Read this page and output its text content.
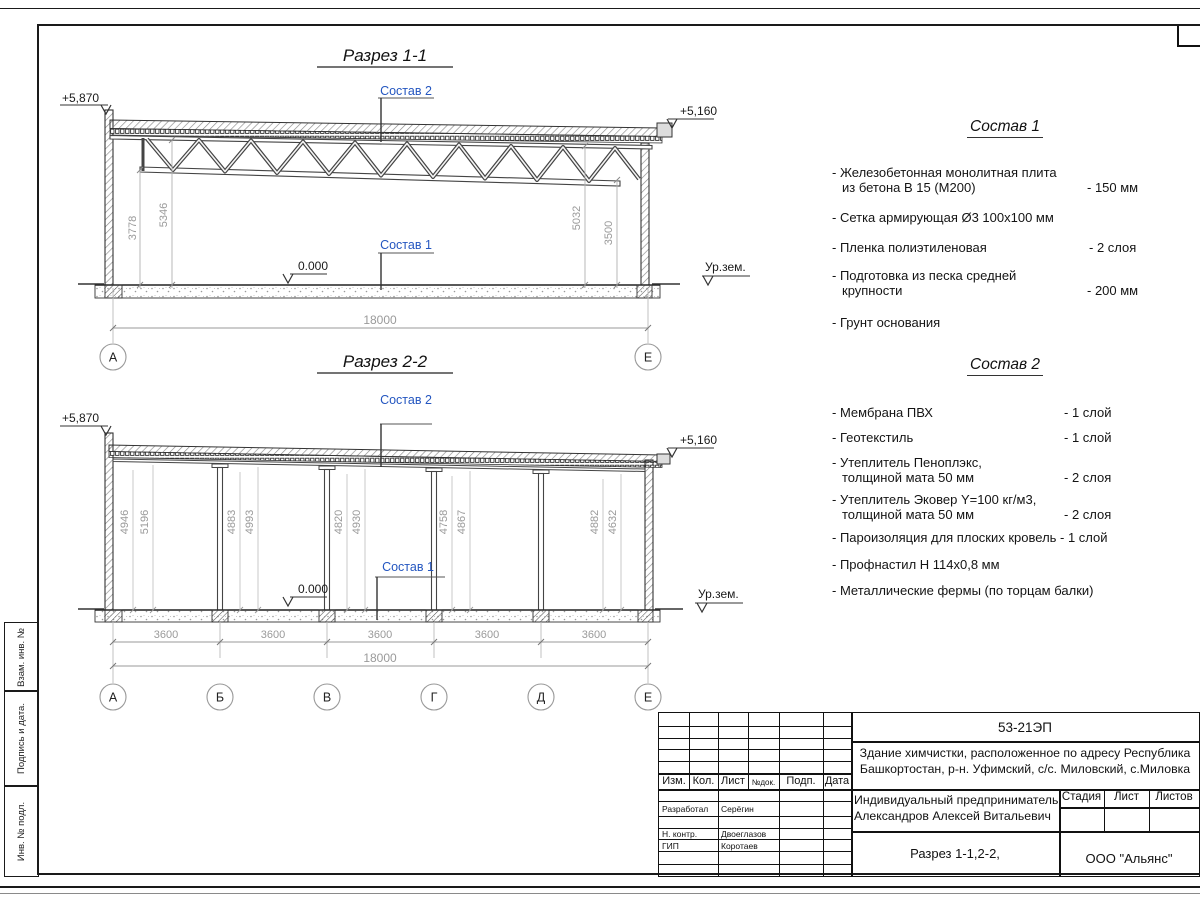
Взам. инв. №
Подпись и дата.
Инв. № подл.
Разрез 1-1
+5,870
+5,160
Ур.зем.
0.000
Состав 2
Состав 1
3778
5346	5032
3500
18000
А	Е
Разрез 2-2
+5,870
+5,160
Ур.зем.
0.000
Состав 2
Состав 1
4946 5196	4883 4993	4820 4930	4758 4867	4882 4632
3600	3600	3600	3600	3600
18000
А	Б	В	Г	Д	Е
Состав 1
- Железобетонная монолитная плита
из бетона В 15 (М200)	- 150 мм
- Сетка армирующая Ø3 100х100 мм
- Пленка полиэтиленовая	- 2 слоя
- Подготовка из песка средней
крупности	- 200 мм
- Грунт основания
Состав 2
- Мембрана ПВХ	- 1 слой
- Геотекстиль	- 1 слой
- Утеплитель Пеноплэкс,
толщиной мата 50 мм	- 2 слоя
- Утеплитель Эковер Y=100 кг/м3,
толщиной мата 50 мм	- 2 слоя
- Пароизоляция для плоских кровель - 1 слой
- Профнастил Н 114х0,8 мм
- Металлические фермы (по торцам балки)
Изм. Кол. Лист №док.	Подп. Дата
Разработал Серёгин
Н. контр.	Двоеглазов
ГИП	Коротаев
53-21ЭП
Здание химчистки, расположенное по адресу Республика
Башкортостан, р-н. Уфимский, с/с. Миловский, с.Миловка
Индивидуальный предприниматель
Александров Алексей Витальевич
Стадия	Лист	Листов
Разрез 1-1,2-2,	ООО "Альянс"
